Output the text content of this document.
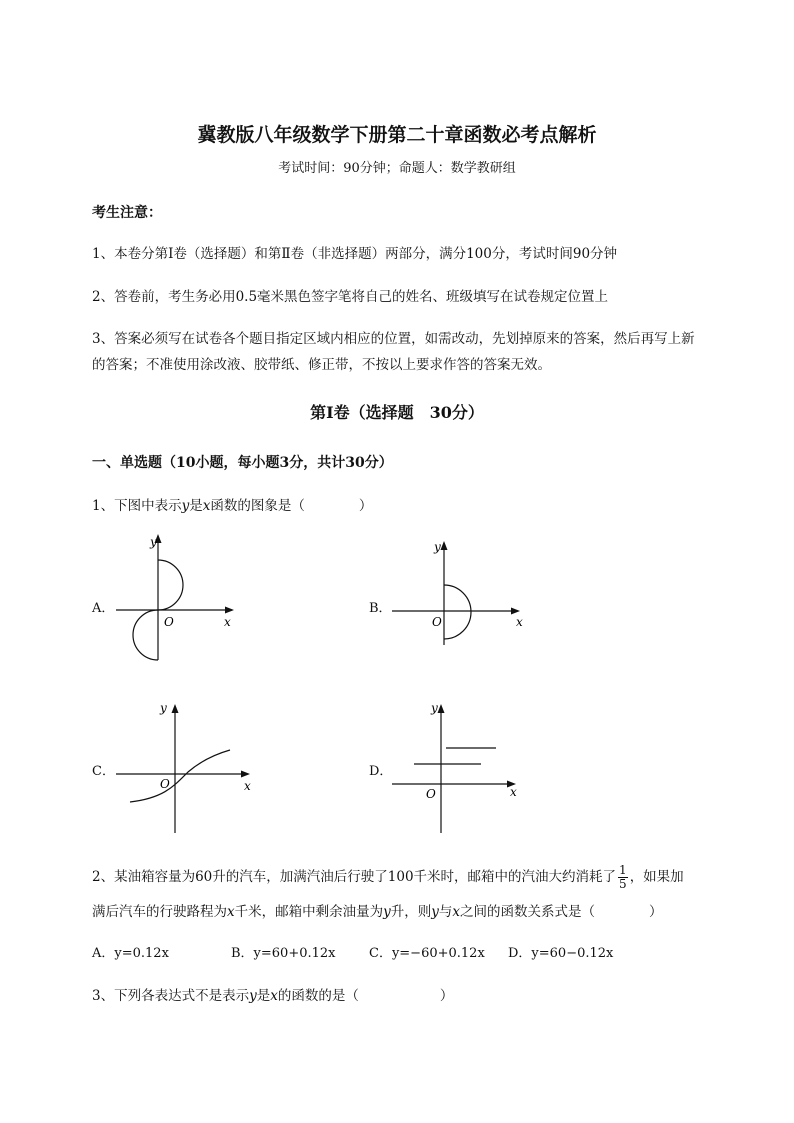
冀教版八年级数学下册第二十章函数必考点解析
考试时间：90分钟；命题人：数学教研组
考生注意：
1、本卷分第Ⅰ卷（选择题）和第Ⅱ卷（非选择题）两部分，满分100分，考试时间90分钟
2、答卷前，考生务必用0.5毫米黑色签字笔将自己的姓名、班级填写在试卷规定位置上
3、答案必须写在试卷各个题目指定区域内相应的位置，如需改动，先划掉原来的答案，然后再写上新
的答案；不准使用涂改液、胶带纸、修正带，不按以上要求作答的答案无效。
第Ⅰ卷（选择题　30分）
一、单选题（10小题，每小题3分，共计30分）
1、下图中表示y是x函数的图象是（　　　　）
A．
y
x
O
B．
y
x
O
C．
y
x
O
D．
y
x
O
2、某油箱容量为60升的汽车，加满汽油后行驶了100千米时，邮箱中的汽油大约消耗了 $\frac{1}{5}$ ，如果加
满后汽车的行驶路程为x千米，邮箱中剩余油量为y升，则y与x之间的函数关系式是（　　　　）
A．y=0.12x	B．y=60+0.12x	C．y=−60+0.12x D．y=60−0.12x
3、下列各表达式不是表示y是x的函数的是（　　　　　　）
